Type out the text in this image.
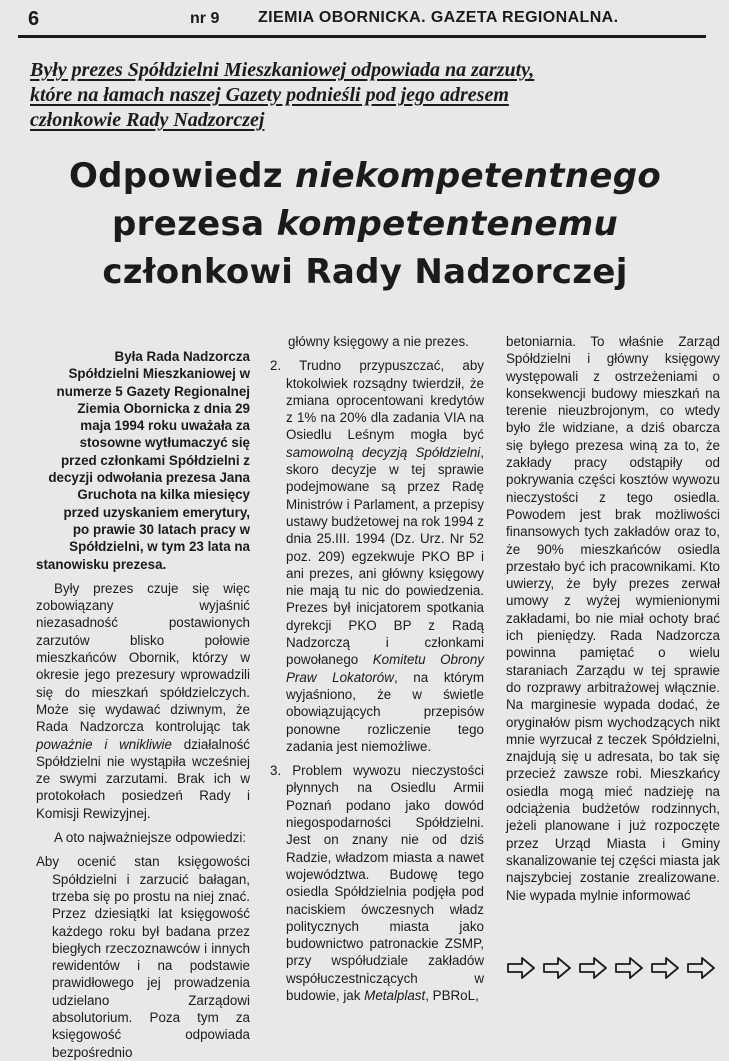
6	nr 9 ZIEMIA OBORNICKA. GAZETA REGIONALNA.
Były prezes Spółdzielni Mieszkaniowej odpowiada na zarzuty,
które na łamach naszej Gazety podnieśli pod jego adresem
członkowie Rady Nadzorczej
Odpowiedz niekompetentnego
prezesa kompetentenemu
członkowi Rady Nadzorczej

Była Rada Nadzorcza
Spółdzielni Mieszkaniowej w
numerze 5 Gazety Regionalnej
Ziemia Obornicka z dnia 29
maja 1994 roku uważała za
stosowne wytłumaczyć się
przed członkami Spółdzielni z
decyzji odwołania prezesa Jana
Gruchota na kilka miesięcy
przed uzyskaniem emerytury,
po prawie 30 latach pracy w
Spółdzielni, w tym 23 lata na
stanowisku prezesa.

Były prezes czuje się więc zobowiązany wyjaśnić niezasadność postawionych zarzutów blisko połowie mieszkańców Obornik, którzy w okresie jego prezesury wprowadzili się do mieszkań spółdzielczych. Może się wydawać dziwnym, że Rada Nadzorcza kontrolując tak poważnie i wnikliwie działalność Spółdzielni nie wystąpiła wcześniej ze swymi zarzutami. Brak ich w protokołach posiedzeń Rady i Komisji Rewizyjnej.

A oto najważniejsze odpowiedzi:

Aby ocenić stan księgowości Spółdzielni i zarzucić bałagan, trzeba się po prostu na niej znać. Przez dziesiątki lat księgowość każdego roku był badana przez biegłych rzeczoznawców i innych rewidentów i na podstawie prawidłowego jej prowadzenia udzielano Zarządowi absolutorium. Poza tym za księgowość odpowiada bezpośrednio

główny księgowy a nie prezes.

2. Trudno przypuszczać, aby ktokolwiek rozsądny twierdził, że zmiana oprocentowani kredytów z 1% na 20% dla zadania VIA na Osiedlu Leśnym mogła być samowolną decyzją Spółdzielni, skoro decyzje w tej sprawie podejmowane są przez Radę Ministrów i Parlament, a przepisy ustawy budżetowej na rok 1994 z dnia 25.III. 1994 (Dz. Urz. Nr 52 poz. 209) egzekwuje PKO BP i ani prezes, ani główny księgowy nie mają tu nic do powiedzenia. Prezes był inicjatorem spotkania dyrekcji PKO BP z Radą Nadzorczą i członkami powołanego Komitetu Obrony Praw Lokatorów, na którym wyjaśniono, że w świetle obowiązujących przepisów ponowne rozliczenie tego zadania jest niemożliwe.

3. Problem wywozu nieczystości płynnych na Osiedlu Armii Poznań podano jako dowód niegospodarności Spółdzielni. Jest on znany nie od dziś Radzie, władzom miasta a nawet województwa. Budowę tego osiedla Spółdzielnia podjęła pod naciskiem ówczesnych władz politycznych miasta jako budownictwo patronackie ZSMP, przy współudziale zakładów współuczestniczących w budowie, jak Metalplast, PBRoL,

betoniarnia. To właśnie Zarząd Spółdzielni i główny księgowy występowali z ostrzeżeniami o konsekwencji budowy mieszkań na terenie nieuzbrojonym, co wtedy było źle widziane, a dziś obarcza się byłego prezesa winą za to, że zakłady pracy odstąpiły od pokrywania części kosztów wywozu nieczystości z tego osiedla. Powodem jest brak możliwości finansowych tych zakładów oraz to, że 90% mieszkańców osiedla przestało być ich pracownikami. Kto uwierzy, że były prezes zerwał umowy z wyżej wymienionymi zakładami, bo nie miał ochoty brać ich pieniędzy. Rada Nadzorcza powinna pamiętać o wielu staraniach Zarządu w tej sprawie do rozprawy arbitrażowej włącznie. Na marginesie wypada dodać, że oryginałów pism wychodzących nikt mnie wyrzucał z teczek Spółdzielni, znajdują się u adresata, bo tak się przecież zawsze robi. Mieszkańcy osiedla mogą mieć nadzieję na odciążenia budżetów rodzinnych, jeżeli planowane i już rozpoczęte przez Urząd Miasta i Gminy skanalizowanie tej części miasta jak najszybciej zostanie zrealizowane. Nie wypada mylnie informować
